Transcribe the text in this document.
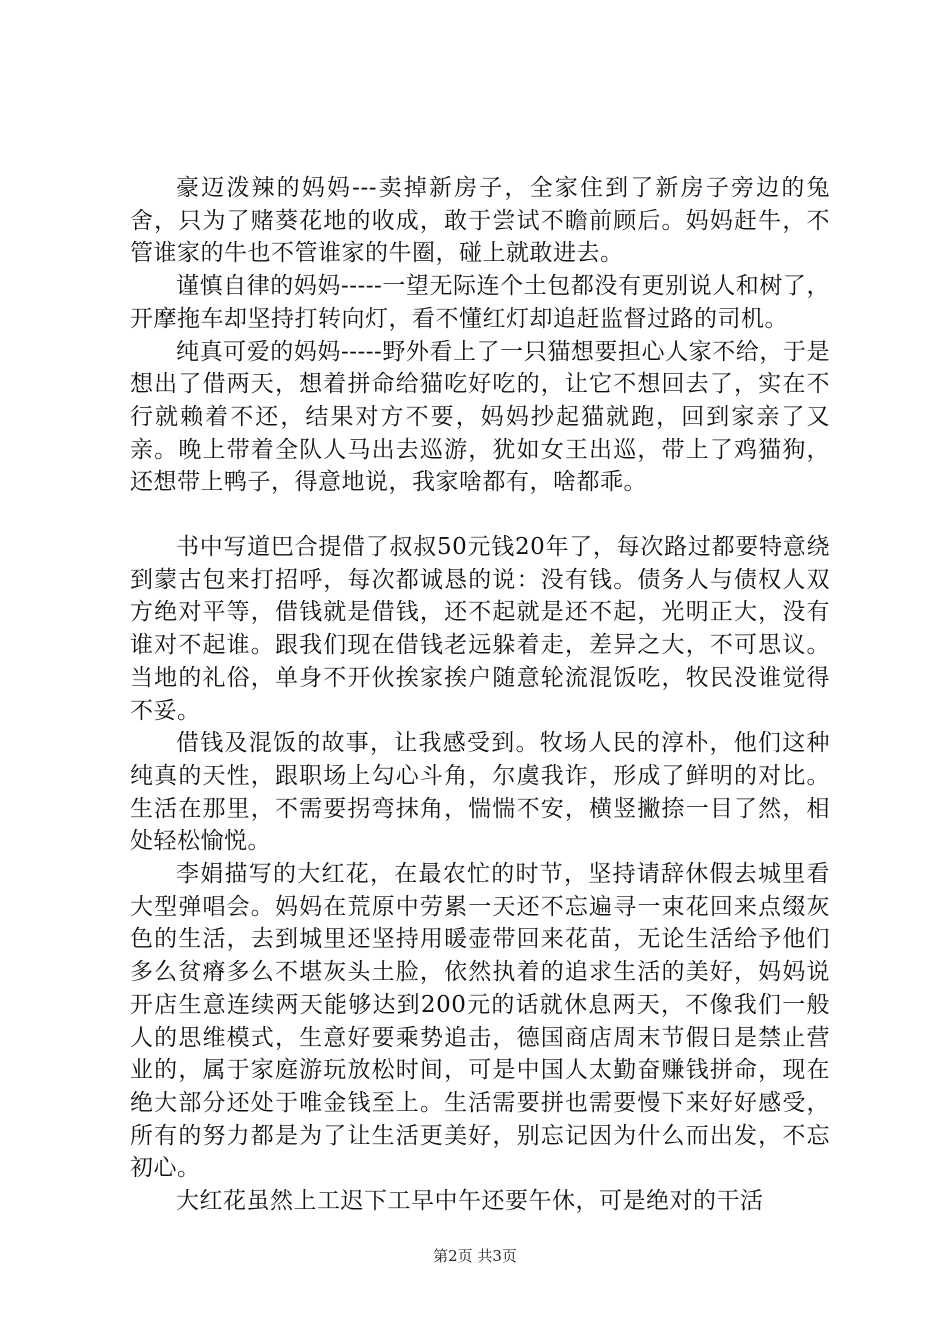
豪迈泼辣的妈妈---卖掉新房子，全家住到了新房子旁边的兔舍，只为了赌葵花地的收成，敢于尝试不瞻前顾后。妈妈赶牛，不管谁家的牛也不管谁家的牛圈，碰上就敢进去。

谨慎自律的妈妈-----一望无际连个土包都没有更别说人和树了，开摩拖车却坚持打转向灯，看不懂红灯却追赶监督过路的司机。

纯真可爱的妈妈-----野外看上了一只猫想要担心人家不给，于是想出了借两天，想着拼命给猫吃好吃的，让它不想回去了，实在不行就赖着不还，结果对方不要，妈妈抄起猫就跑，回到家亲了又亲。晚上带着全队人马出去巡游，犹如女王出巡，带上了鸡猫狗，还想带上鸭子，得意地说，我家啥都有，啥都乖。

书中写道巴合提借了叔叔50元钱20年了，每次路过都要特意绕到蒙古包来打招呼，每次都诚恳的说：没有钱。债务人与债权人双方绝对平等，借钱就是借钱，还不起就是还不起，光明正大，没有谁对不起谁。跟我们现在借钱老远躲着走，差异之大，不可思议。当地的礼俗，单身不开伙挨家挨户随意轮流混饭吃，牧民没谁觉得不妥。

借钱及混饭的故事，让我感受到。牧场人民的淳朴，他们这种纯真的天性，跟职场上勾心斗角，尔虞我诈，形成了鲜明的对比。生活在那里，不需要拐弯抹角，惴惴不安，横竖撇捺一目了然，相处轻松愉悦。

李娟描写的大红花，在最农忙的时节，坚持请辞休假去城里看大型弹唱会。妈妈在荒原中劳累一天还不忘遍寻一束花回来点缀灰色的生活，去到城里还坚持用暖壶带回来花苗，无论生活给予他们多么贫瘠多么不堪灰头土脸，依然执着的追求生活的美好，妈妈说开店生意连续两天能够达到200元的话就休息两天，不像我们一般人的思维模式，生意好要乘势追击，德国商店周末节假日是禁止营业的，属于家庭游玩放松时间，可是中国人太勤奋赚钱拼命，现在绝大部分还处于唯金钱至上。生活需要拼也需要慢下来好好感受，所有的努力都是为了让生活更美好，别忘记因为什么而出发，不忘初心。

大红花虽然上工迟下工早中午还要午休，可是绝对的干活

第2页 共3页
